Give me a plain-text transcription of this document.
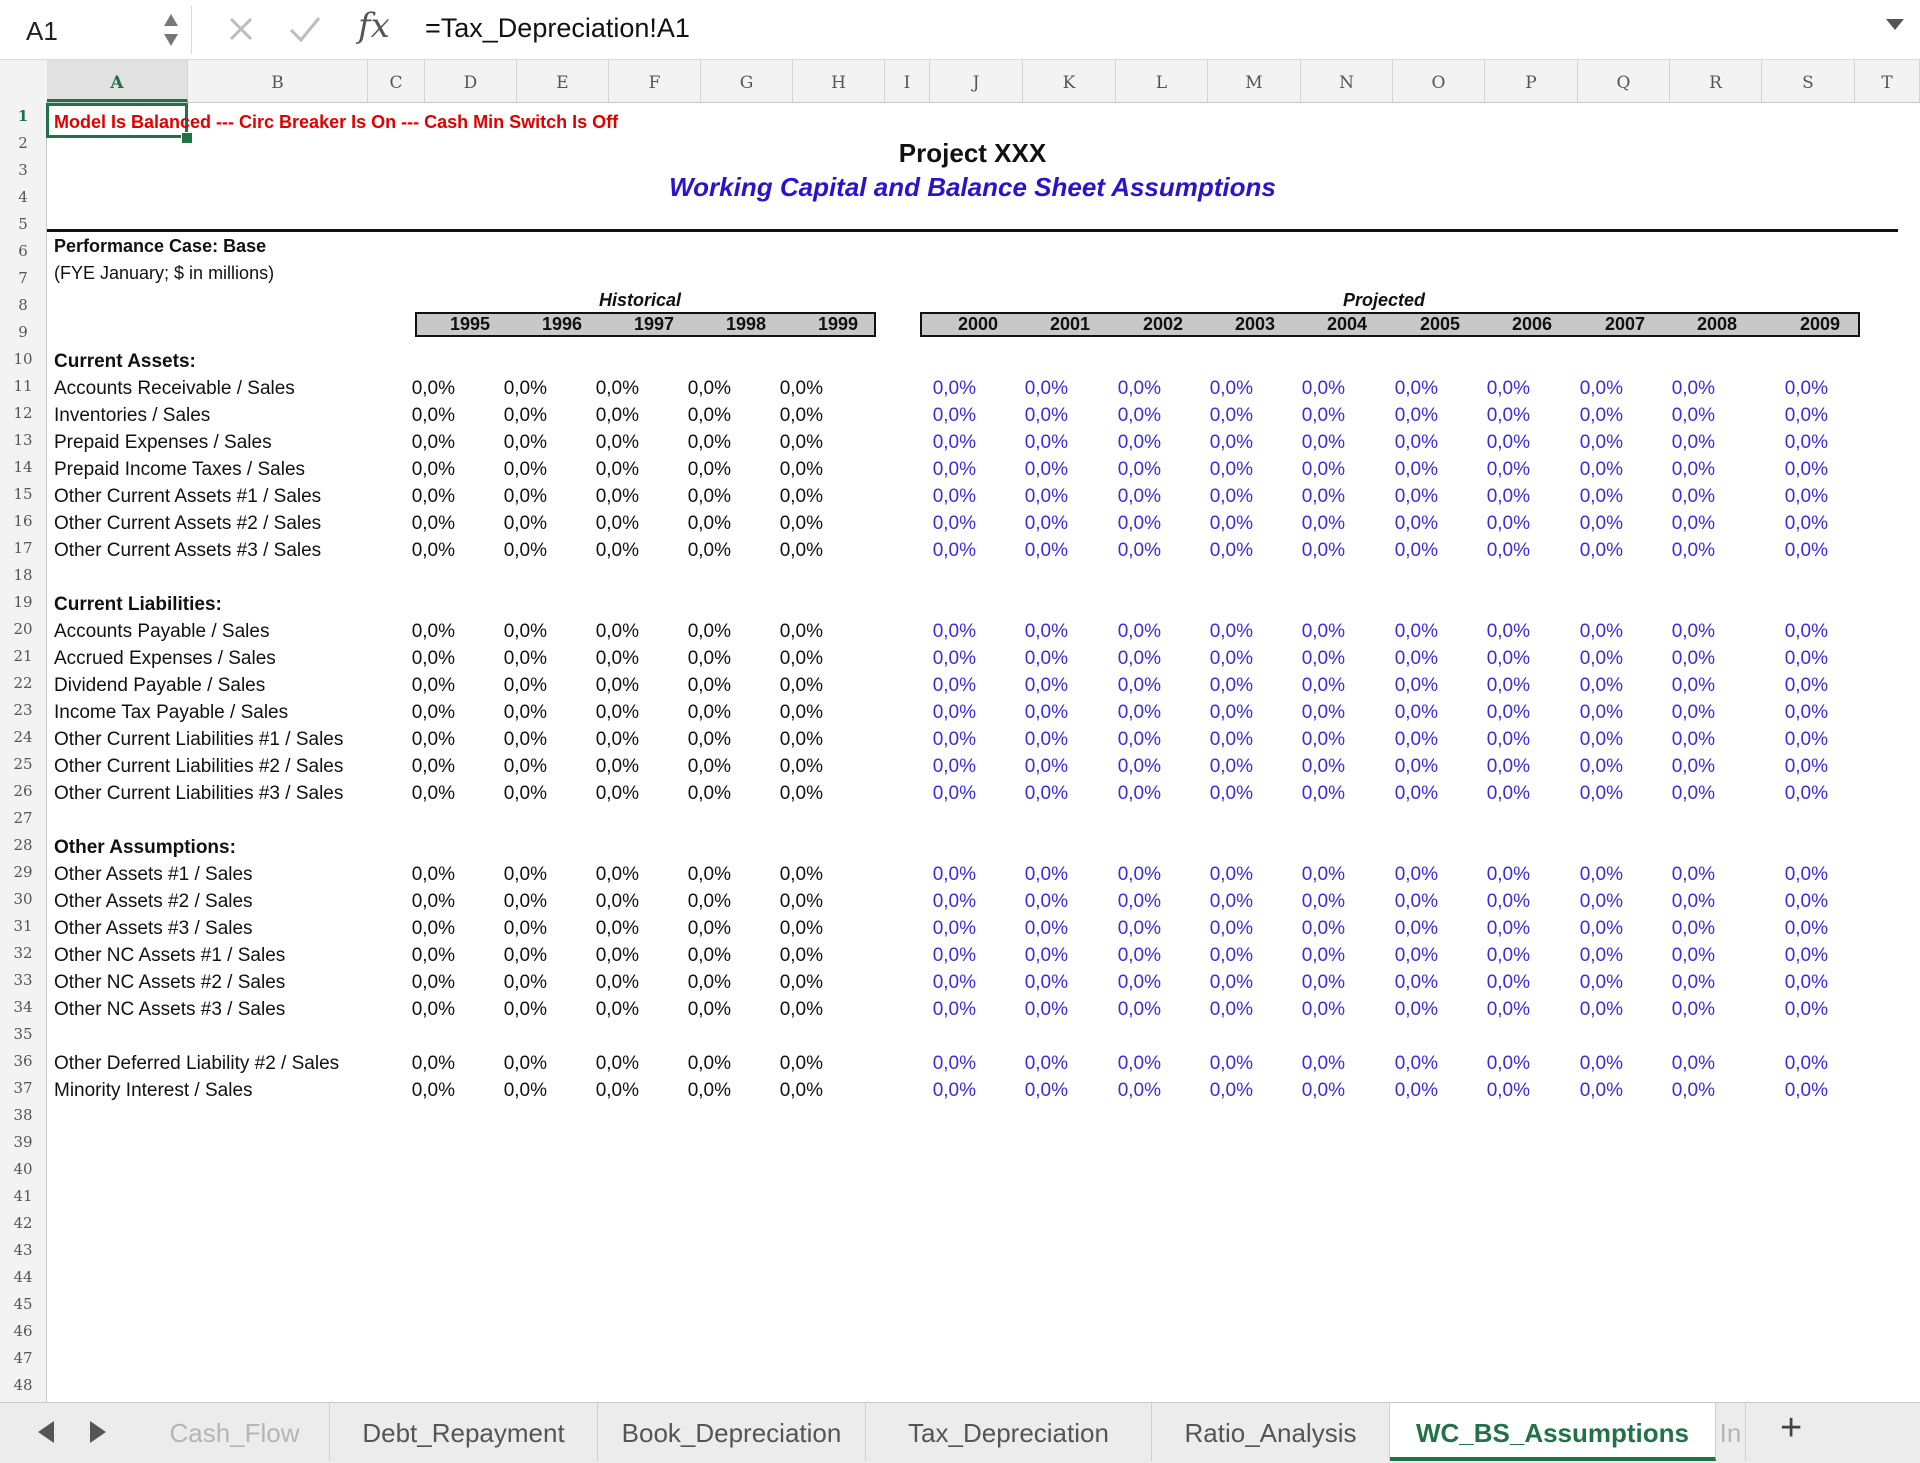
A1	fx =Tax_Depreciation!A1
A	B	C	D	E	F	G	H	I	J	K	L	M	N	O	P	Q	R	S	T
1
2
3
4
5
6
7
8
9
10
11
12
13
14
15
16
17
18
19
20
21
22
23
24
25
26
27
28
29
30
31
32
33
34
35
36
37
38
39
40
41
42
43
44
45
46
47
48
Model Is Balanced --- Circ Breaker Is On --- Cash Min Switch Is Off
Project XXX
Working Capital and Balance Sheet Assumptions
Performance Case: Base
(FYE January; $ in millions)
Historical	Projected
1995	1996	1997	1998	1999	2000	2001	2002	2003	2004	2005	2006	2007	2008	2009
Current Assets:
Accounts Receivable / Sales	0,0%	0,0%	0,0%	0,0%	0,0%	0,0%	0,0%	0,0%	0,0%	0,0%	0,0%	0,0%	0,0%	0,0%	0,0%
Inventories / Sales	0,0%	0,0%	0,0%	0,0%	0,0%	0,0%	0,0%	0,0%	0,0%	0,0%	0,0%	0,0%	0,0%	0,0%	0,0%
Prepaid Expenses / Sales	0,0%	0,0%	0,0%	0,0%	0,0%	0,0%	0,0%	0,0%	0,0%	0,0%	0,0%	0,0%	0,0%	0,0%	0,0%
Prepaid Income Taxes / Sales	0,0%	0,0%	0,0%	0,0%	0,0%	0,0%	0,0%	0,0%	0,0%	0,0%	0,0%	0,0%	0,0%	0,0%	0,0%
Other Current Assets #1 / Sales	0,0%	0,0%	0,0%	0,0%	0,0%	0,0%	0,0%	0,0%	0,0%	0,0%	0,0%	0,0%	0,0%	0,0%	0,0%
Other Current Assets #2 / Sales	0,0%	0,0%	0,0%	0,0%	0,0%	0,0%	0,0%	0,0%	0,0%	0,0%	0,0%	0,0%	0,0%	0,0%	0,0%
Other Current Assets #3 / Sales	0,0%	0,0%	0,0%	0,0%	0,0%	0,0%	0,0%	0,0%	0,0%	0,0%	0,0%	0,0%	0,0%	0,0%	0,0%
Current Liabilities:
Accounts Payable / Sales	0,0%	0,0%	0,0%	0,0%	0,0%	0,0%	0,0%	0,0%	0,0%	0,0%	0,0%	0,0%	0,0%	0,0%	0,0%
Accrued Expenses / Sales	0,0%	0,0%	0,0%	0,0%	0,0%	0,0%	0,0%	0,0%	0,0%	0,0%	0,0%	0,0%	0,0%	0,0%	0,0%
Dividend Payable / Sales	0,0%	0,0%	0,0%	0,0%	0,0%	0,0%	0,0%	0,0%	0,0%	0,0%	0,0%	0,0%	0,0%	0,0%	0,0%
Income Tax Payable / Sales	0,0%	0,0%	0,0%	0,0%	0,0%	0,0%	0,0%	0,0%	0,0%	0,0%	0,0%	0,0%	0,0%	0,0%	0,0%
Other Current Liabilities #1 / Sales	0,0%	0,0%	0,0%	0,0%	0,0%	0,0%	0,0%	0,0%	0,0%	0,0%	0,0%	0,0%	0,0%	0,0%	0,0%
Other Current Liabilities #2 / Sales	0,0%	0,0%	0,0%	0,0%	0,0%	0,0%	0,0%	0,0%	0,0%	0,0%	0,0%	0,0%	0,0%	0,0%	0,0%
Other Current Liabilities #3 / Sales	0,0%	0,0%	0,0%	0,0%	0,0%	0,0%	0,0%	0,0%	0,0%	0,0%	0,0%	0,0%	0,0%	0,0%	0,0%
Other Assumptions:
Other Assets #1 / Sales	0,0%	0,0%	0,0%	0,0%	0,0%	0,0%	0,0%	0,0%	0,0%	0,0%	0,0%	0,0%	0,0%	0,0%	0,0%
Other Assets #2 / Sales	0,0%	0,0%	0,0%	0,0%	0,0%	0,0%	0,0%	0,0%	0,0%	0,0%	0,0%	0,0%	0,0%	0,0%	0,0%
Other Assets #3 / Sales	0,0%	0,0%	0,0%	0,0%	0,0%	0,0%	0,0%	0,0%	0,0%	0,0%	0,0%	0,0%	0,0%	0,0%	0,0%
Other NC Assets #1 / Sales	0,0%	0,0%	0,0%	0,0%	0,0%	0,0%	0,0%	0,0%	0,0%	0,0%	0,0%	0,0%	0,0%	0,0%	0,0%
Other NC Assets #2 / Sales	0,0%	0,0%	0,0%	0,0%	0,0%	0,0%	0,0%	0,0%	0,0%	0,0%	0,0%	0,0%	0,0%	0,0%	0,0%
Other NC Assets #3 / Sales	0,0%	0,0%	0,0%	0,0%	0,0%	0,0%	0,0%	0,0%	0,0%	0,0%	0,0%	0,0%	0,0%	0,0%	0,0%
Other Deferred Liability #2 / Sales	0,0%	0,0%	0,0%	0,0%	0,0%	0,0%	0,0%	0,0%	0,0%	0,0%	0,0%	0,0%	0,0%	0,0%	0,0%
Minority Interest / Sales	0,0%	0,0%	0,0%	0,0%	0,0%	0,0%	0,0%	0,0%	0,0%	0,0%	0,0%	0,0%	0,0%	0,0%	0,0%
Cash_Flow	Debt_Repayment	Book_Depreciation	Tax_Depreciation	Ratio_Analysis	WC_BS_Assumptions	In +
